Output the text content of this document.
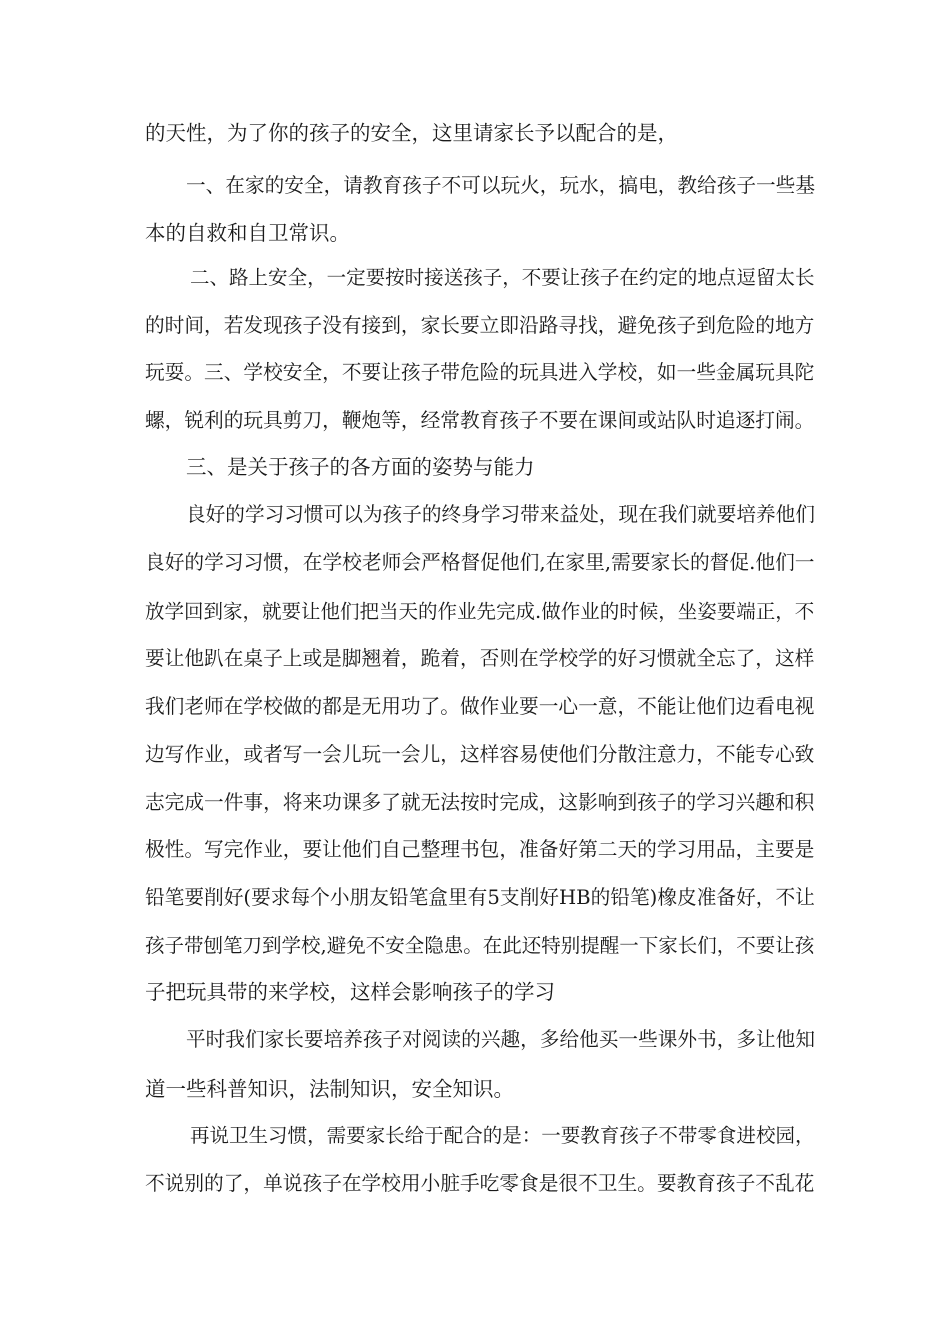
的天性，为了你的孩子的安全，这里请家长予以配合的是，

一、在家的安全，请教育孩子不可以玩火，玩水，搞电，教给孩子一些基

本的自救和自卫常识。

二、路上安全，一定要按时接送孩子，不要让孩子在约定的地点逗留太长

的时间，若发现孩子没有接到，家长要立即沿路寻找，避免孩子到危险的地方

玩耍。三、学校安全，不要让孩子带危险的玩具进入学校，如一些金属玩具陀

螺，锐利的玩具剪刀，鞭炮等，经常教育孩子不要在课间或站队时追逐打闹。

三、是关于孩子的各方面的姿势与能力

良好的学习习惯可以为孩子的终身学习带来益处，现在我们就要培养他们

良好的学习习惯，在学校老师会严格督促他们,在家里,需要家长的督促.他们一

放学回到家，就要让他们把当天的作业先完成.做作业的时候，坐姿要端正，不

要让他趴在桌子上或是脚翘着，跪着，否则在学校学的好习惯就全忘了，这样

我们老师在学校做的都是无用功了。做作业要一心一意，不能让他们边看电视

边写作业，或者写一会儿玩一会儿，这样容易使他们分散注意力，不能专心致

志完成一件事，将来功课多了就无法按时完成，这影响到孩子的学习兴趣和积

极性。写完作业，要让他们自己整理书包，准备好第二天的学习用品，主要是

铅笔要削好(要求每个小朋友铅笔盒里有5支削好HB的铅笔)橡皮准备好，不让

孩子带刨笔刀到学校,避免不安全隐患。在此还特别提醒一下家长们，不要让孩

子把玩具带的来学校，这样会影响孩子的学习

平时我们家长要培养孩子对阅读的兴趣，多给他买一些课外书，多让他知

道一些科普知识，法制知识，安全知识。

再说卫生习惯，需要家长给于配合的是：一要教育孩子不带零食进校园，

不说别的了，单说孩子在学校用小脏手吃零食是很不卫生。要教育孩子不乱花
